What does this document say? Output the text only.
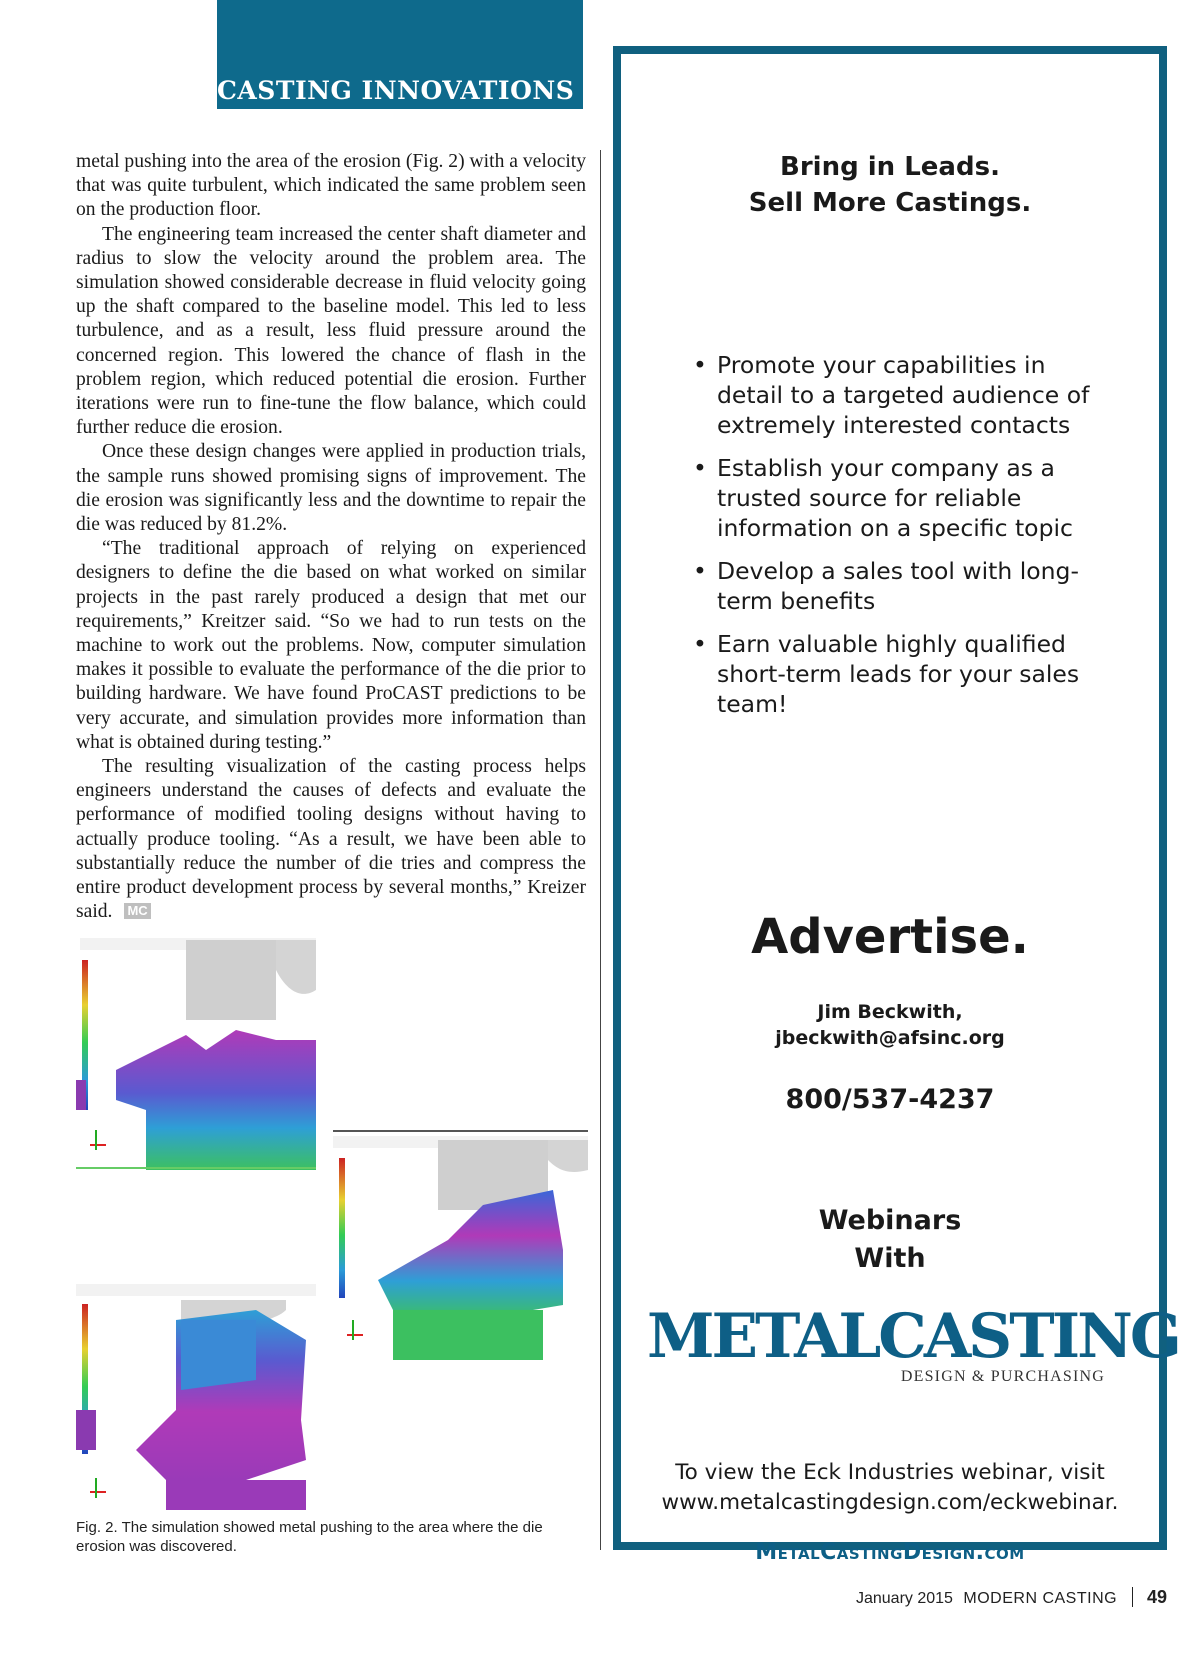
CASTING INNOVATIONS

metal pushing into the area of the erosion (Fig. 2) with a velocity that was quite turbulent, which indicated the same problem seen on the production floor.

The engineering team increased the center shaft diameter and radius to slow the velocity around the problem area. The simulation showed considerable decrease in fluid velocity going up the shaft compared to the baseline model. This led to less turbulence, and as a result, less fluid pressure around the concerned region. This lowered the chance of flash in the problem region, which reduced potential die erosion. Further iterations were run to fine-tune the flow balance, which could further reduce die erosion.

Once these design changes were applied in production trials, the sample runs showed promising signs of improvement. The die erosion was significantly less and the downtime to repair the die was reduced by 81.2%.

“The traditional approach of relying on experienced designers to define the die based on what worked on similar projects in the past rarely produced a design that met our requirements,” Kreitzer said. “So we had to run tests on the machine to work out the problems. Now, computer simulation makes it possible to evaluate the performance of the die prior to building hardware. We have found ProCAST predictions to be very accurate, and simulation provides more information than what is obtained during testing.”

The resulting visualization of the casting process helps engineers understand the causes of defects and evaluate the performance of modified tooling designs without having to actually produce tooling. “As a result, we have been able to substantially reduce the number of die tries and compress the entire product development process by several months,” Kreizer said. MC

Fig. 2. The simulation showed metal pushing to the area where the die erosion was discovered.
Bring in Leads.
Sell More Castings.
• Promote your capabilities in detail to a targeted audience of extremely interested contacts
• Establish your company as a trusted source for reliable information on a specific topic
• Develop a sales tool with long-term benefits
• Earn valuable highly qualified short-term leads for your sales team!
Advertise.
Jim Beckwith,
jbeckwith@afsinc.org
800/537-4237
Webinars
With
METALCASTING
DESIGN & PURCHASING
To view the Eck Industries webinar, visit
www.metalcastingdesign.com/eckwebinar.
MetalCastingDesign.com
January 2015 MODERN CASTING 49
